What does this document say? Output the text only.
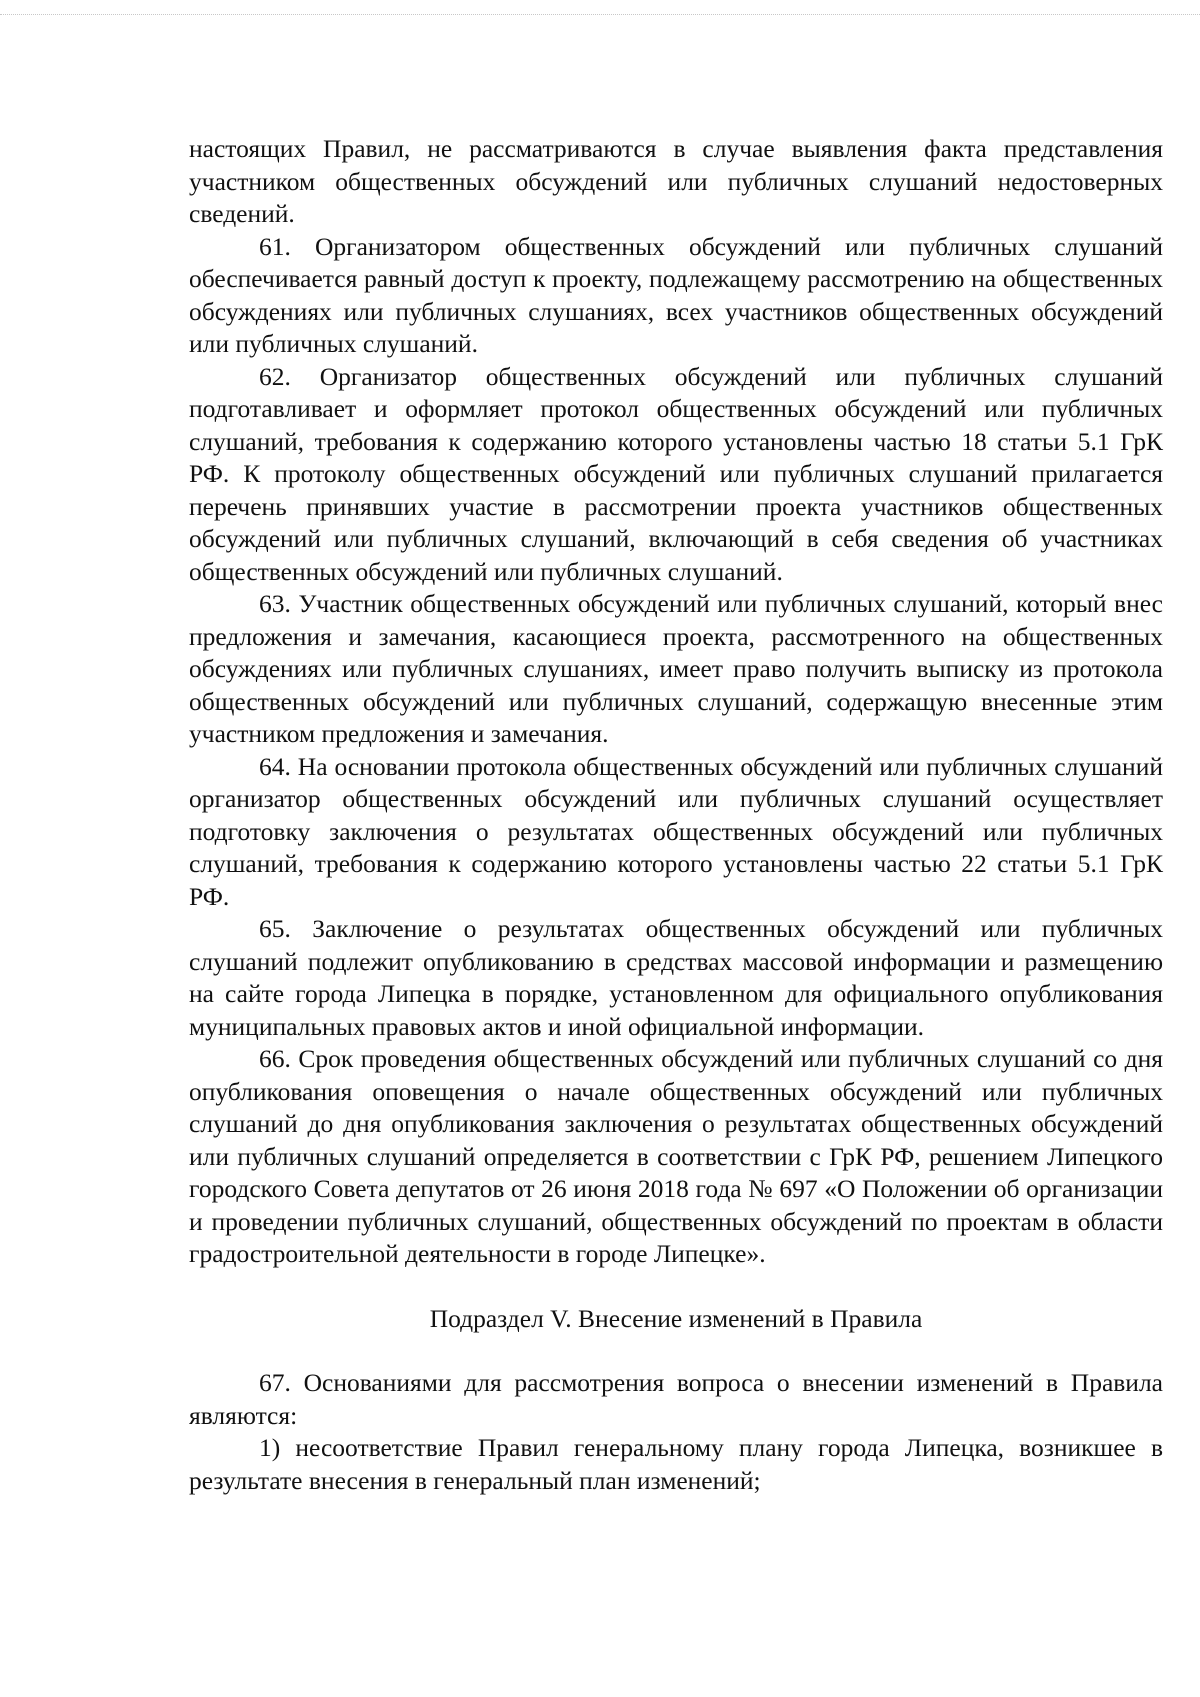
настоящих Правил, не рассматриваются в случае выявления факта представления участником общественных обсуждений или публичных слушаний недостоверных сведений.

61. Организатором общественных обсуждений или публичных слушаний обеспечивается равный доступ к проекту, подлежащему рассмотрению на общественных обсуждениях или публичных слушаниях, всех участников общественных обсуждений или публичных слушаний.

62. Организатор общественных обсуждений или публичных слушаний подготавливает и оформляет протокол общественных обсуждений или публичных слушаний, требования к содержанию которого установлены частью 18 статьи 5.1 ГрК РФ. К протоколу общественных обсуждений или публичных слушаний прилагается перечень принявших участие в рассмотрении проекта участников общественных обсуждений или публичных слушаний, включающий в себя сведения об участниках общественных обсуждений или публичных слушаний.

63. Участник общественных обсуждений или публичных слушаний, который внес предложения и замечания, касающиеся проекта, рассмотренного на общественных обсуждениях или публичных слушаниях, имеет право получить выписку из протокола общественных обсуждений или публичных слушаний, содержащую внесенные этим участником предложения и замечания.

64. На основании протокола общественных обсуждений или публичных слушаний организатор общественных обсуждений или публичных слушаний осуществляет подготовку заключения о результатах общественных обсуждений или публичных слушаний, требования к содержанию которого установлены частью 22 статьи 5.1 ГрК РФ.

65. Заключение о результатах общественных обсуждений или публичных слушаний подлежит опубликованию в средствах массовой информации и размещению на сайте города Липецка в порядке, установленном для официального опубликования муниципальных правовых актов и иной официальной информации.

66. Срок проведения общественных обсуждений или публичных слушаний со дня опубликования оповещения о начале общественных обсуждений или публичных слушаний до дня опубликования заключения о результатах общественных обсуждений или публичных слушаний определяется в соответствии с ГрК РФ, решением Липецкого городского Совета депутатов от 26 июня 2018 года № 697 «О Положении об организации и проведении публичных слушаний, общественных обсуждений по проектам в области градостроительной деятельности в городе Липецке».

Подраздел V. Внесение изменений в Правила

67. Основаниями для рассмотрения вопроса о внесении изменений в Правила являются:

1) несоответствие Правил генеральному плану города Липецка, возникшее в результате внесения в генеральный план изменений;
